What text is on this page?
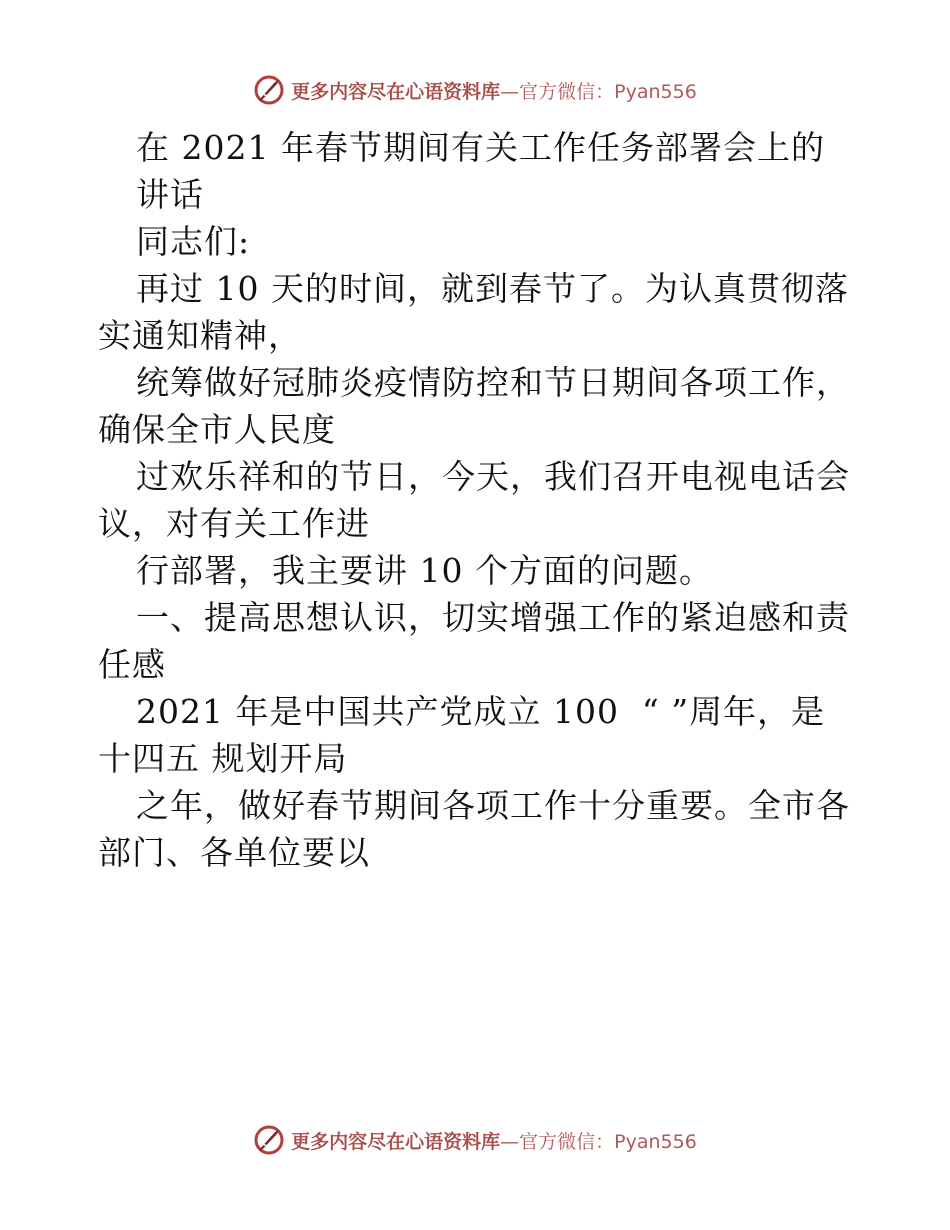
更多内容尽在心语资料库—官方微信：Pyan556
在 2021 年春节期间有关工作任务部署会上的
讲话
同志们:
再过 10 天的时间，就到春节了。为认真贯彻落
实通知精神，
统筹做好冠肺炎疫情防控和节日期间各项工作，
确保全市人民度
过欢乐祥和的节日，今天，我们召开电视电话会
议，对有关工作进
行部署，我主要讲 10 个方面的问题。
一、提高思想认识，切实增强工作的紧迫感和责
任感
2021 年是中国共产党成立 100  “ ”周年，是
十四五 规划开局
之年，做好春节期间各项工作十分重要。全市各
部门、各单位要以
更多内容尽在心语资料库—官方微信：Pyan556
